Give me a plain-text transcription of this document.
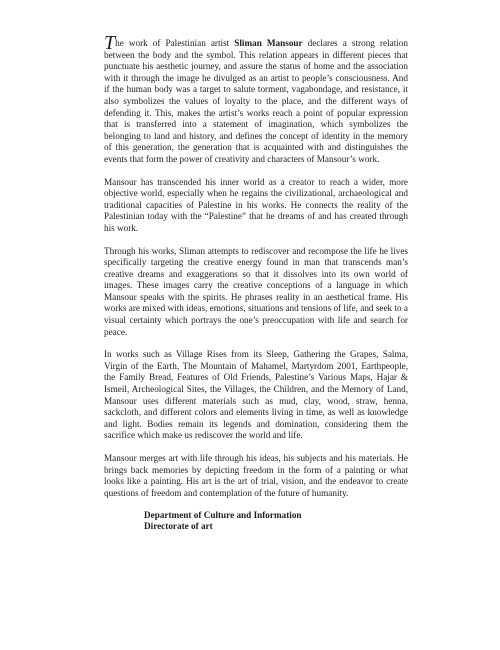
The work of Palestinian artist Sliman Mansour declares a strong relation between the body and the symbol. This relation appears in different pieces that punctuate his aesthetic journey, and assure the status of home and the association with it through the image he divulged as an artist to people’s consciousness. And if the human body was a target to salute torment, vagabondage, and resistance, it also symbolizes the values of loyalty to the place, and the different ways of defending it. This, makes the artist’s works reach a point of popular expression that is transferred into a statement of imagination, which symbolizes the belonging to land and history, and defines the concept of identity in the memory of this generation, the generation that is acquainted with and distinguishes the events that form the power of creativity and characters of Mansour’s work.

Mansour has transcended his inner world as a creator to reach a wider, more objective world, especially when he regains the civilizational, archaeological and traditional capacities of Palestine in his works. He connects the reality of the Palestinian today with the “Palestine” that he dreams of and has created through his work.

Through his works, Sliman attempts to rediscover and recompose the life he lives specifically targeting the creative energy found in man that transcends man’s creative dreams and exaggerations so that it dissolves into its own world of images. These images carry the creative conceptions of a language in which Mansour speaks with the spirits. He phrases reality in an aesthetical frame. His works are mixed with ideas, emotions, situations and tensions of life, and seek to a visual certainty which portrays the one’s preoccupation with life and search for peace.

In works such as Village Rises from its Sleep, Gathering the Grapes, Salma, Virgin of the Earth, The Mountain of Mahamel, Martyrdom 2001, Earthpeople, the Family Bread, Features of Old Friends, Palestine’s Various Maps, Hajar & Ismeil, Archeological Sites, the Villages, the Children, and the Memory of Land, Mansour uses different materials such as mud, clay, wood, straw, henna, sackcloth, and different colors and elements living in time, as well as knowledge and light. Bodies remain its legends and domination, considering them the sacrifice which make us rediscover the world and life.

Mansour merges art with life through his ideas, his subjects and his materials. He brings back memories by depicting freedom in the form of a painting or what looks like a painting. His art is the art of trial, vision, and the endeavor to create questions of freedom and contemplation of the future of humanity.

Department of Culture and Information
Directorate of art
